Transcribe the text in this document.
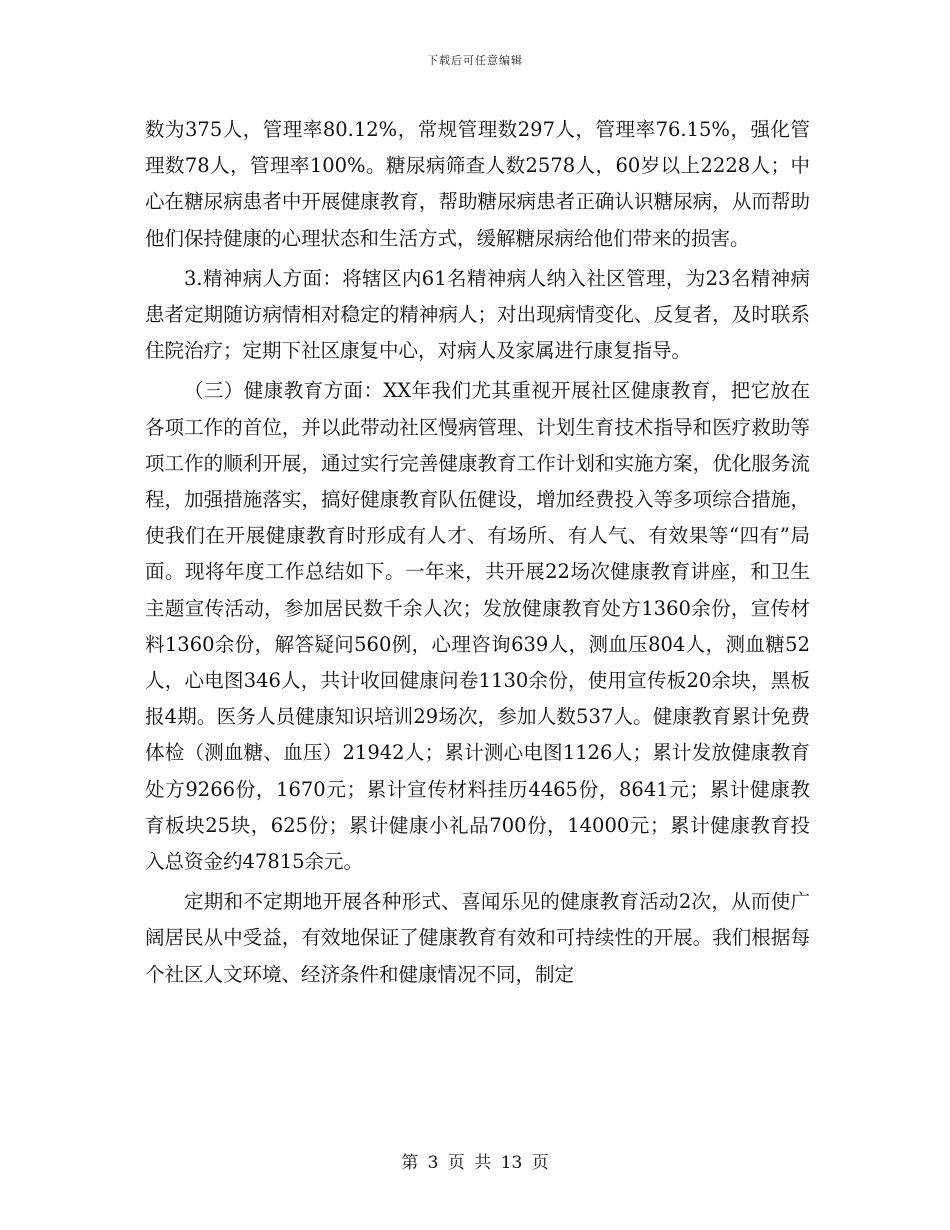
下载后可任意编辑

数为375人，管理率80.12%，常规管理数297人，管理率76.15%，强化管理数78人，管理率100%。糖尿病筛查人数2578人，60岁以上2228人；中心在糖尿病患者中开展健康教育，帮助糖尿病患者正确认识糖尿病，从而帮助他们保持健康的心理状态和生活方式，缓解糖尿病给他们带来的损害。

3.精神病人方面：将辖区内61名精神病人纳入社区管理，为23名精神病患者定期随访病情相对稳定的精神病人；对出现病情变化、反复者，及时联系住院治疗；定期下社区康复中心，对病人及家属进行康复指导。

（三）健康教育方面：XX年我们尤其重视开展社区健康教育，把它放在各项工作的首位，并以此带动社区慢病管理、计划生育技术指导和医疗救助等项工作的顺利开展，通过实行完善健康教育工作计划和实施方案，优化服务流程，加强措施落实，搞好健康教育队伍健设，增加经费投入等多项综合措施，使我们在开展健康教育时形成有人才、有场所、有人气、有效果等“四有”局面。现将年度工作总结如下。一年来，共开展22场次健康教育讲座，和卫生主题宣传活动，参加居民数千余人次；发放健康教育处方1360余份，宣传材料1360余份，解答疑问560例，心理咨询639人，测血压804人，测血糖52人，心电图346人，共计收回健康问卷1130余份，使用宣传板20余块，黑板报4期。医务人员健康知识培训29场次，参加人数537人。健康教育累计免费体检（测血糖、血压）21942人；累计测心电图1126人；累计发放健康教育处方9266份，1670元；累计宣传材料挂历4465份，8641元；累计健康教育板块25块，625份；累计健康小礼品700份，14000元；累计健康教育投入总资金约47815余元。

定期和不定期地开展各种形式、喜闻乐见的健康教育活动2次，从而使广阔居民从中受益，有效地保证了健康教育有效和可持续性的开展。我们根据每个社区人文环境、经济条件和健康情况不同，制定

第 3 页 共 13 页
